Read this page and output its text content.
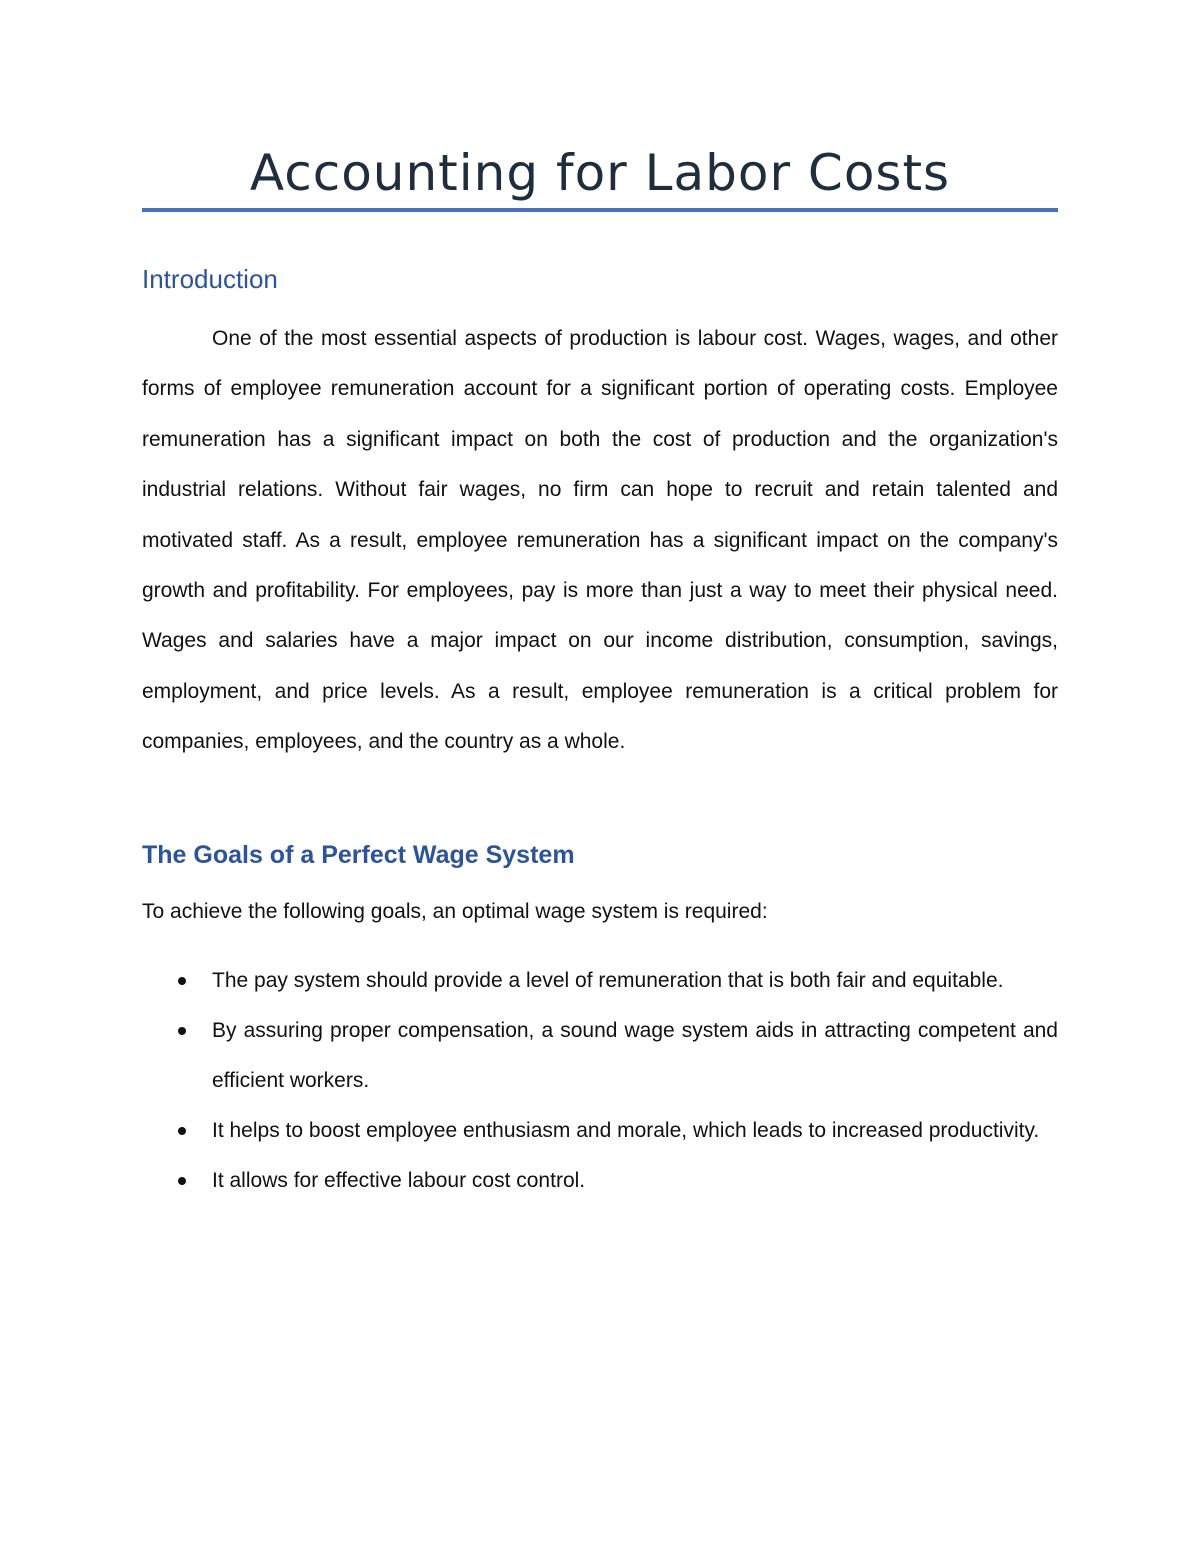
Accounting for Labor Costs
Introduction

One of the most essential aspects of production is labour cost. Wages, wages, and other forms of employee remuneration account for a significant portion of operating costs. Employee remuneration has a significant impact on both the cost of production and the organization's industrial relations. Without fair wages, no firm can hope to recruit and retain talented and motivated staff. As a result, employee remuneration has a significant impact on the company's growth and profitability. For employees, pay is more than just a way to meet their physical need. Wages and salaries have a major impact on our income distribution, consumption, savings, employment, and price levels. As a result, employee remuneration is a critical problem for companies, employees, and the country as a whole.

The Goals of a Perfect Wage System

To achieve the following goals, an optimal wage system is required:

The pay system should provide a level of remuneration that is both fair and equitable.
By assuring proper compensation, a sound wage system aids in attracting competent and efficient workers.
It helps to boost employee enthusiasm and morale, which leads to increased productivity.
It allows for effective labour cost control.
